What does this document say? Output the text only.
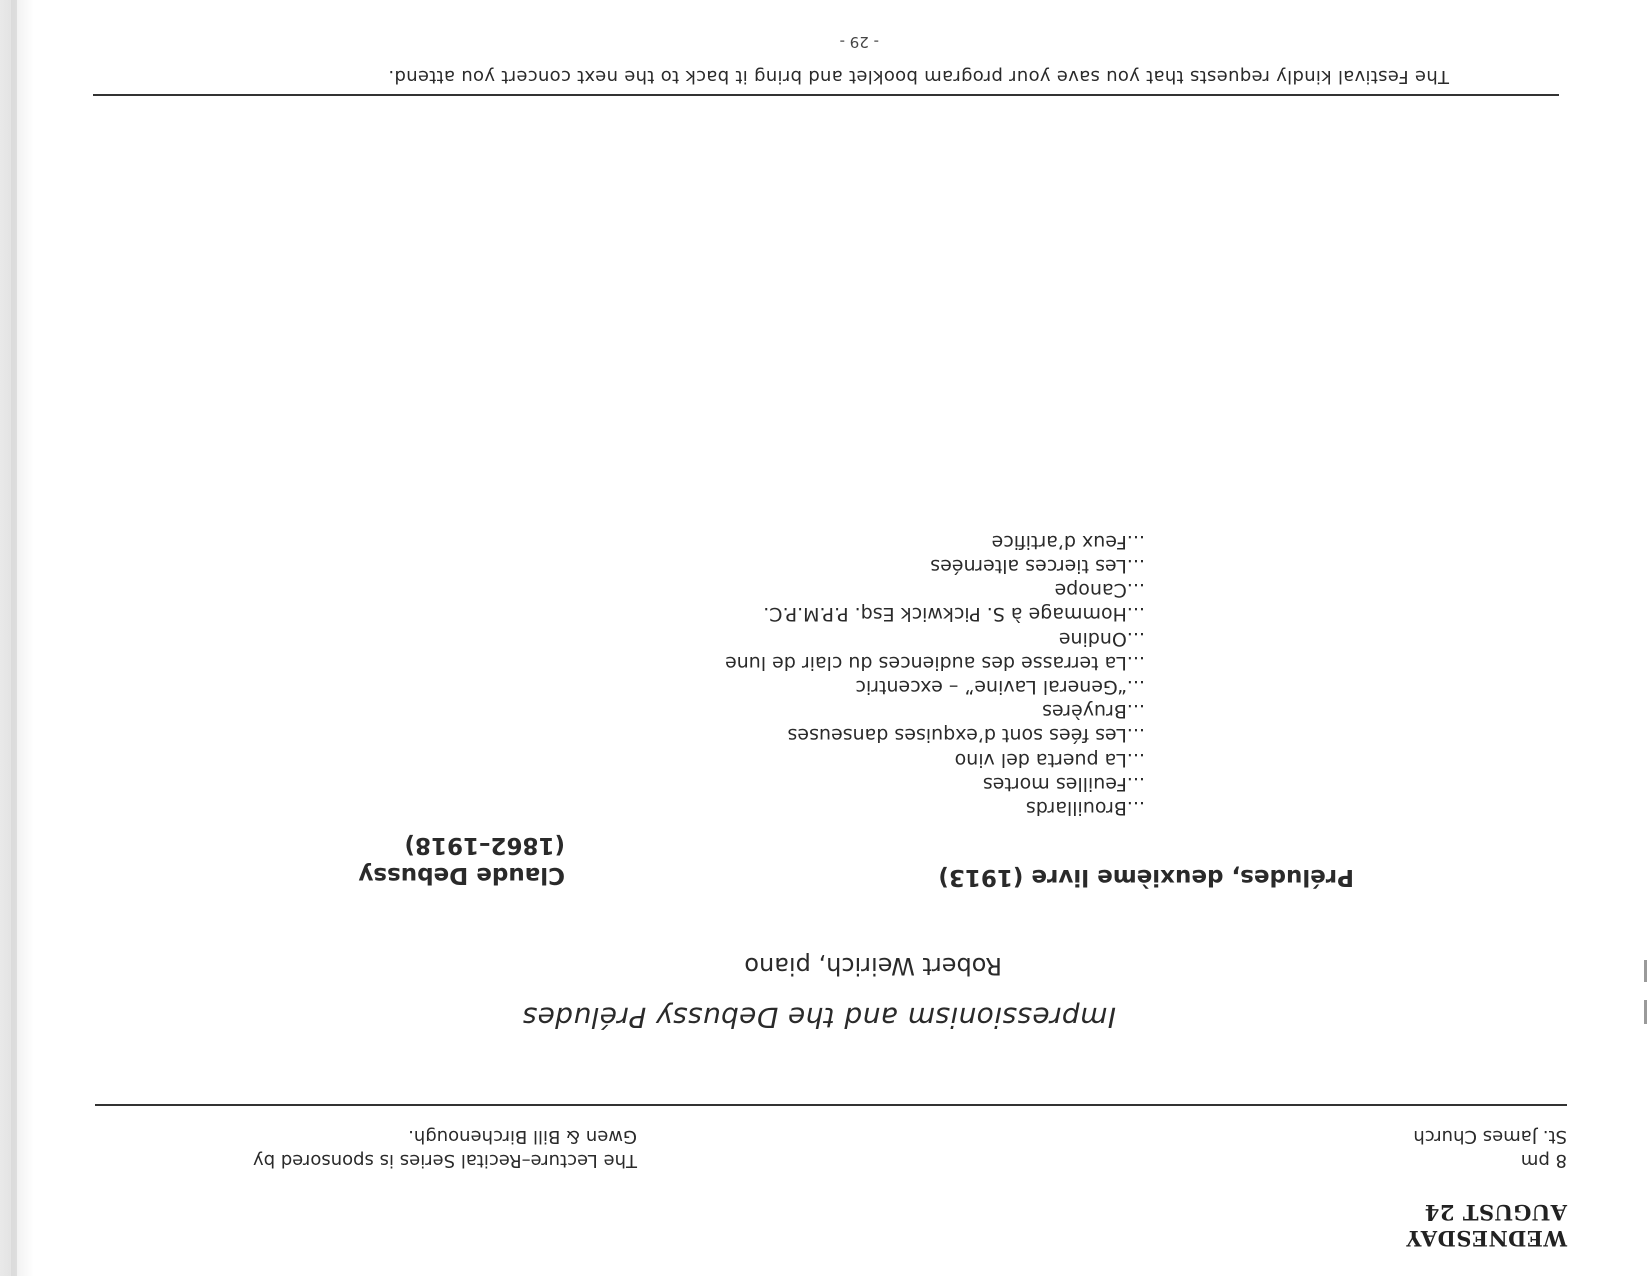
WEDNESDAY
AUGUST 24
8 pm
St. James Church
The Lecture–Recital Series is sponsored by
Gwen & Bill Birchenough.
Impressionism and the Debussy Préludes
Robert Weirich, piano
Préludes, deuxième livre (1913)
Claude Debussy
(1862–1918)
...Brouillards
...Feuilles mortes
...La puerta del vino
...Les fées sont d’exquises danseuses
...Bruyères
...“General Lavine” – excentric
...La terrasse des audiences du clair de lune
...Ondine
...Hommage à S. Pickwick Esq. P.P.M.P.C.
...Canope
...Les tierces alternées
...Feux d’artifice
The Festival kindly requests that you save your program booklet and bring it back to the next concert you attend.
- 29 -
